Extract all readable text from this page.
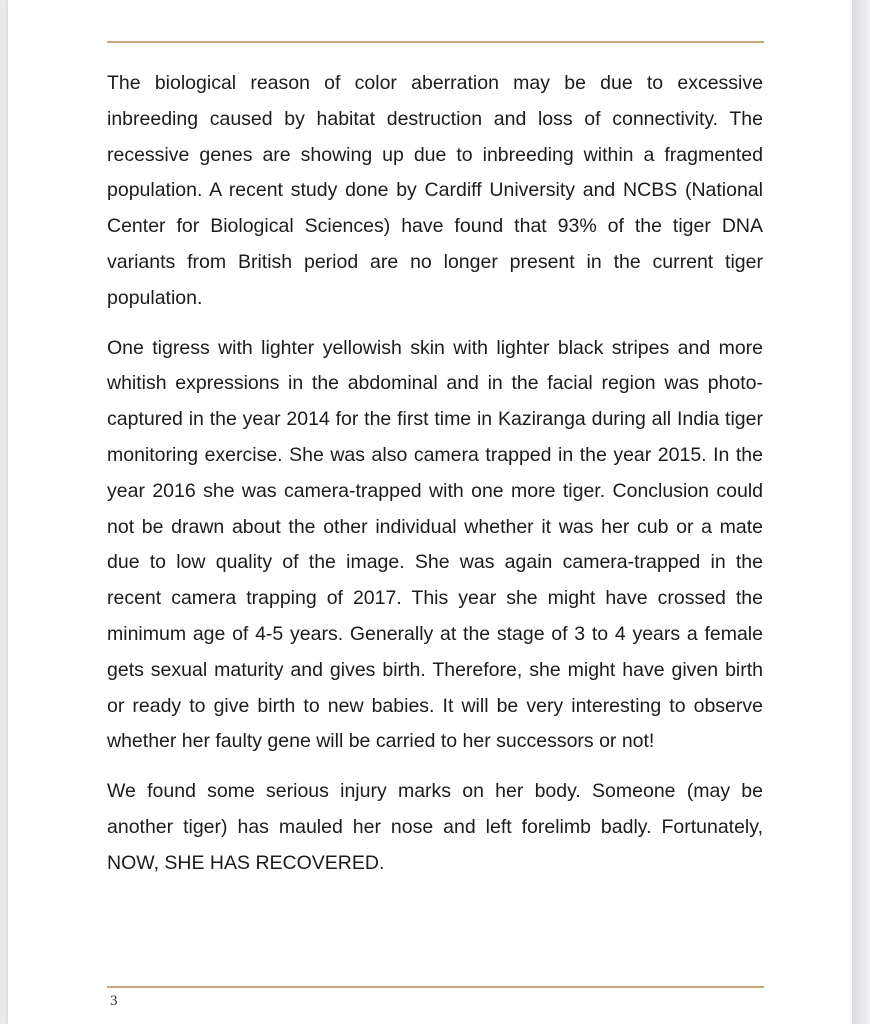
The biological reason of color aberration may be due to excessive inbreeding caused by habitat destruction and loss of connectivity. The recessive genes are showing up due to inbreeding within a fragmented population. A recent study done by Cardiff University and NCBS (National Center for Biological Sciences) have found that 93% of the tiger DNA variants from British period are no longer present in the current tiger population.

One tigress with lighter yellowish skin with lighter black stripes and more whitish expressions in the abdominal and in the facial region was photo-captured in the year 2014 for the first time in Kaziranga during all India tiger monitoring exercise. She was also camera trapped in the year 2015. In the year 2016 she was camera-trapped with one more tiger. Conclusion could not be drawn about the other individual whether it was her cub or a mate due to low quality of the image. She was again camera-trapped in the recent camera trapping of 2017. This year she might have crossed the minimum age of 4-5 years. Generally at the stage of 3 to 4 years a female gets sexual maturity and gives birth. Therefore, she might have given birth or ready to give birth to new babies. It will be very interesting to observe whether her faulty gene will be carried to her successors or not!

We found some serious injury marks on her body. Someone (may be another tiger) has mauled her nose and left forelimb badly. Fortunately, NOW, SHE HAS RECOVERED.

3
